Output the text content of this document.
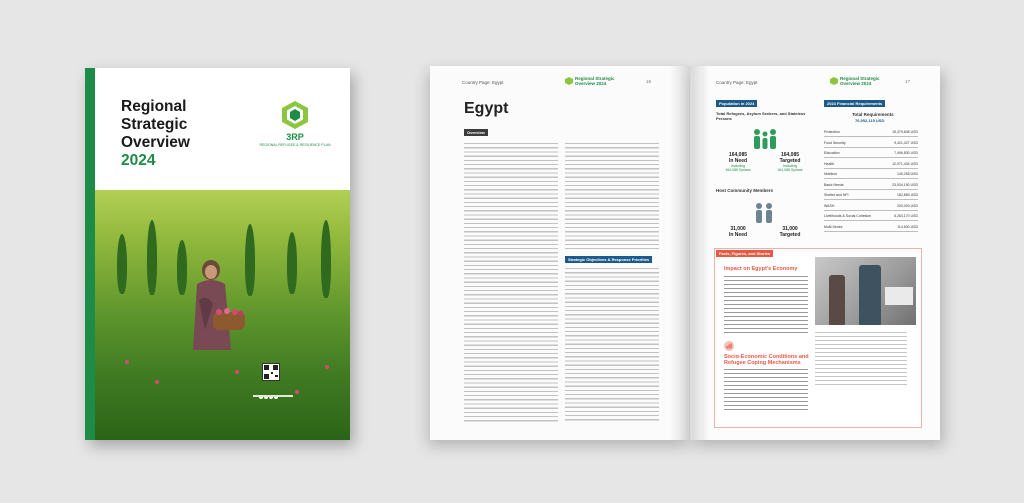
Regional
Strategic
Overview
2024
3RP
REGIONAL REFUGEE & RESILIENCE PLAN
Country Page: Egypt
Regional Strategic
Overview 2024	16
Egypt
Overview
Strategic Objectives & Response Priorities
Country Page: Egypt
Regional Strategic
Overview 2024	17
Population in 2024
Total Refugees, Asylum Seekers, and Stateless Persons
164,085
In Need
Including
164,085 Syrians
164,085
Targeted
Including
164,085 Syrians
Host Community Members
31,000
In Need
31,000
Targeted
2024 Financial Requirements
Total Requirements
76,952,115 USD
Protection	15,379,848 USD
Food Security	9,421,427 USD
Education	7,496,830 USD
Health	12,971,434 USD
Nutrition	140,255 USD
Basic Needs	23,534,190 USD
Shelter and NFI	162,880 USD
WASH	200,000 USD
Livelihoods & Social Cohesion	6,263,170 USD
Multi-Sector	114,600 USD
Facts, Figures, and Stories
Impact on Egypt's Economy
Socio-Economic Conditions and
Refugee Coping Mechanisms
